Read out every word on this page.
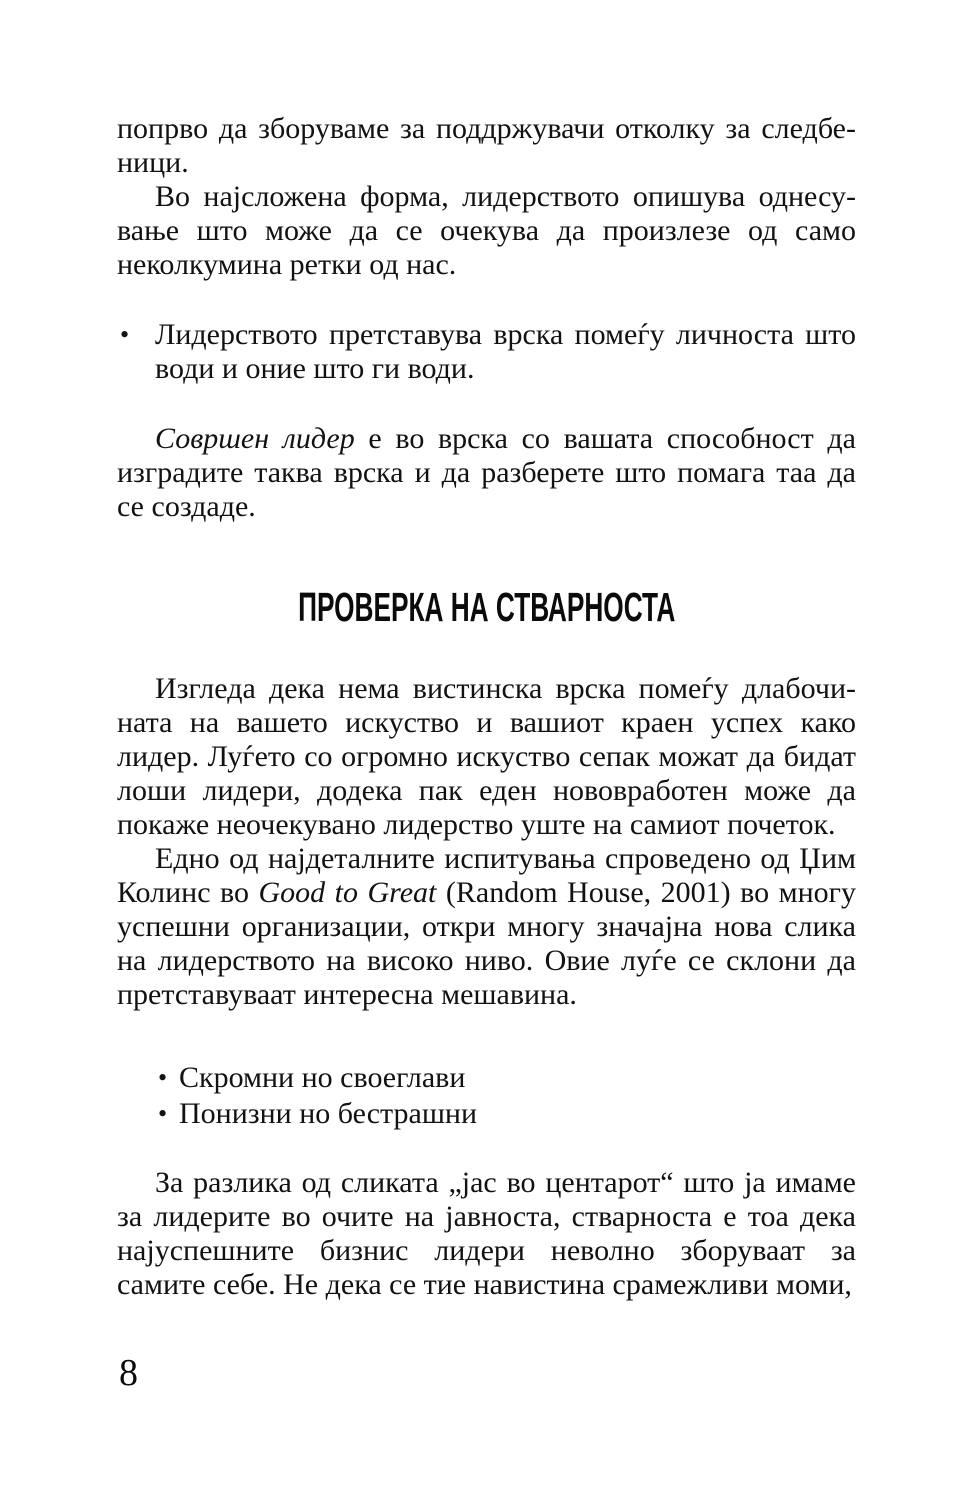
попрво да зборуваме за поддржувачи отколку за следбе-ници.

Во најсложена форма, лидерството опишува однесу-вање што може да се очекува да произлезе од само неколкумина ретки од нас.

• Лидерството претставува врска помеѓу личноста што води и оние што ги води.

Совршен лидер е во врска со вашата способност да изградите таква врска и да разберете што помага таа да се создаде.

ПРОВЕРКА НА СТВАРНОСТА

Изгледа дека нема вистинска врска помеѓу длабочи-ната на вашето искуство и вашиот краен успех како лидер. Луѓето со огромно искуство сепак можат да бидат лоши лидери, додека пак еден нововработен може да покаже неочекувано лидерство уште на самиот почеток.

Едно од најдеталните испитувања спроведено од Џим Колинс во Good to Great (Random House, 2001) во многу успешни организации, откри многу значајна нова слика на лидерството на високо ниво. Овие луѓе се склони да претставуваат интересна мешавина.

• Скромни но своеглави
• Понизни но бестрашни

За разлика од сликата „јас во центарот“ што ја имаме за лидерите во очите на јавноста, стварноста е тоа дека најуспешните бизнис лидери неволно зборуваат за самите себе. Не дека се тие навистина срамежливи моми,

8
